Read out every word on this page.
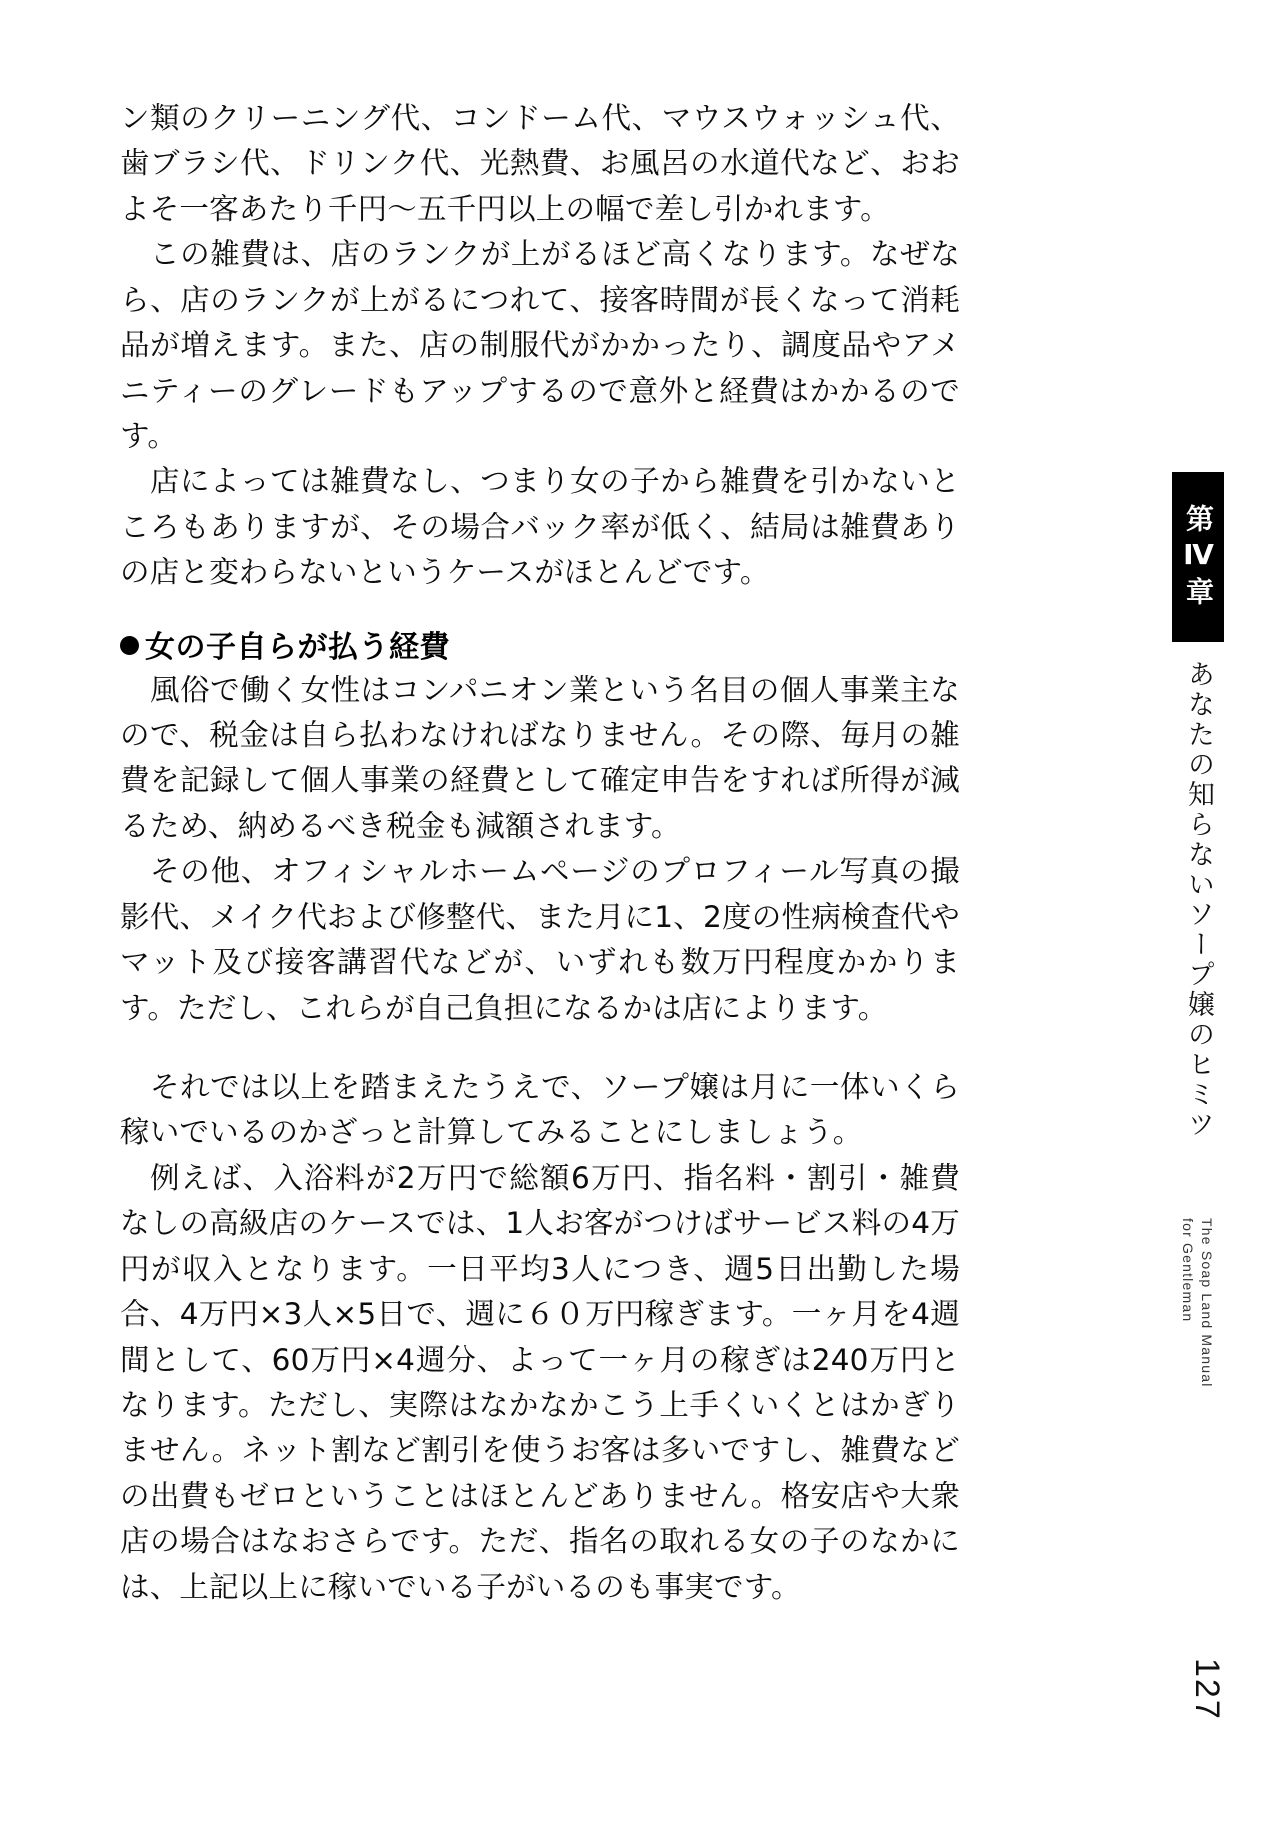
ン類のクリーニング代、コンドーム代、マウスウォッシュ代、歯ブラシ代、ドリンク代、光熱費、お風呂の水道代など、おおよそ一客あたり千円〜五千円以上の幅で差し引かれます。

この雑費は、店のランクが上がるほど高くなります。なぜなら、店のランクが上がるにつれて、接客時間が長くなって消耗品が増えます。また、店の制服代がかかったり、調度品やアメニティーのグレードもアップするので意外と経費はかかるのです。

店によっては雑費なし、つまり女の子から雑費を引かないところもありますが、その場合バック率が低く、結局は雑費ありの店と変わらないというケースがほとんどです。

女の子自らが払う経費

風俗で働く女性はコンパニオン業という名目の個人事業主なので、税金は自ら払わなければなりません。その際、毎月の雑費を記録して個人事業の経費として確定申告をすれば所得が減るため、納めるべき税金も減額されます。

その他、オフィシャルホームページのプロフィール写真の撮影代、メイク代および修整代、また月に1、2度の性病検査代やマット及び接客講習代などが、いずれも数万円程度かかります。ただし、これらが自己負担になるかは店によります。

それでは以上を踏まえたうえで、ソープ嬢は月に一体いくら稼いでいるのかざっと計算してみることにしましょう。

例えば、入浴料が2万円で総額6万円、指名料・割引・雑費なしの高級店のケースでは、1人お客がつけばサービス料の4万円が収入となります。一日平均3人につき、週5日出勤した場合、4万円×3人×5日で、週に６０万円稼ぎます。一ヶ月を4週間として、60万円×4週分、よって一ヶ月の稼ぎは240万円となります。ただし、実際はなかなかこう上手くいくとはかぎりません。ネット割など割引を使うお客は多いですし、雑費などの出費もゼロということはほとんどありません。格安店や大衆店の場合はなおさらです。ただ、指名の取れる女の子のなかには、上記以上に稼いでいる子がいるのも事実です。

第Ⅳ章
あなたの知らないソープ嬢のヒミツ
The Soap Land Manual
for Gentleman
127
